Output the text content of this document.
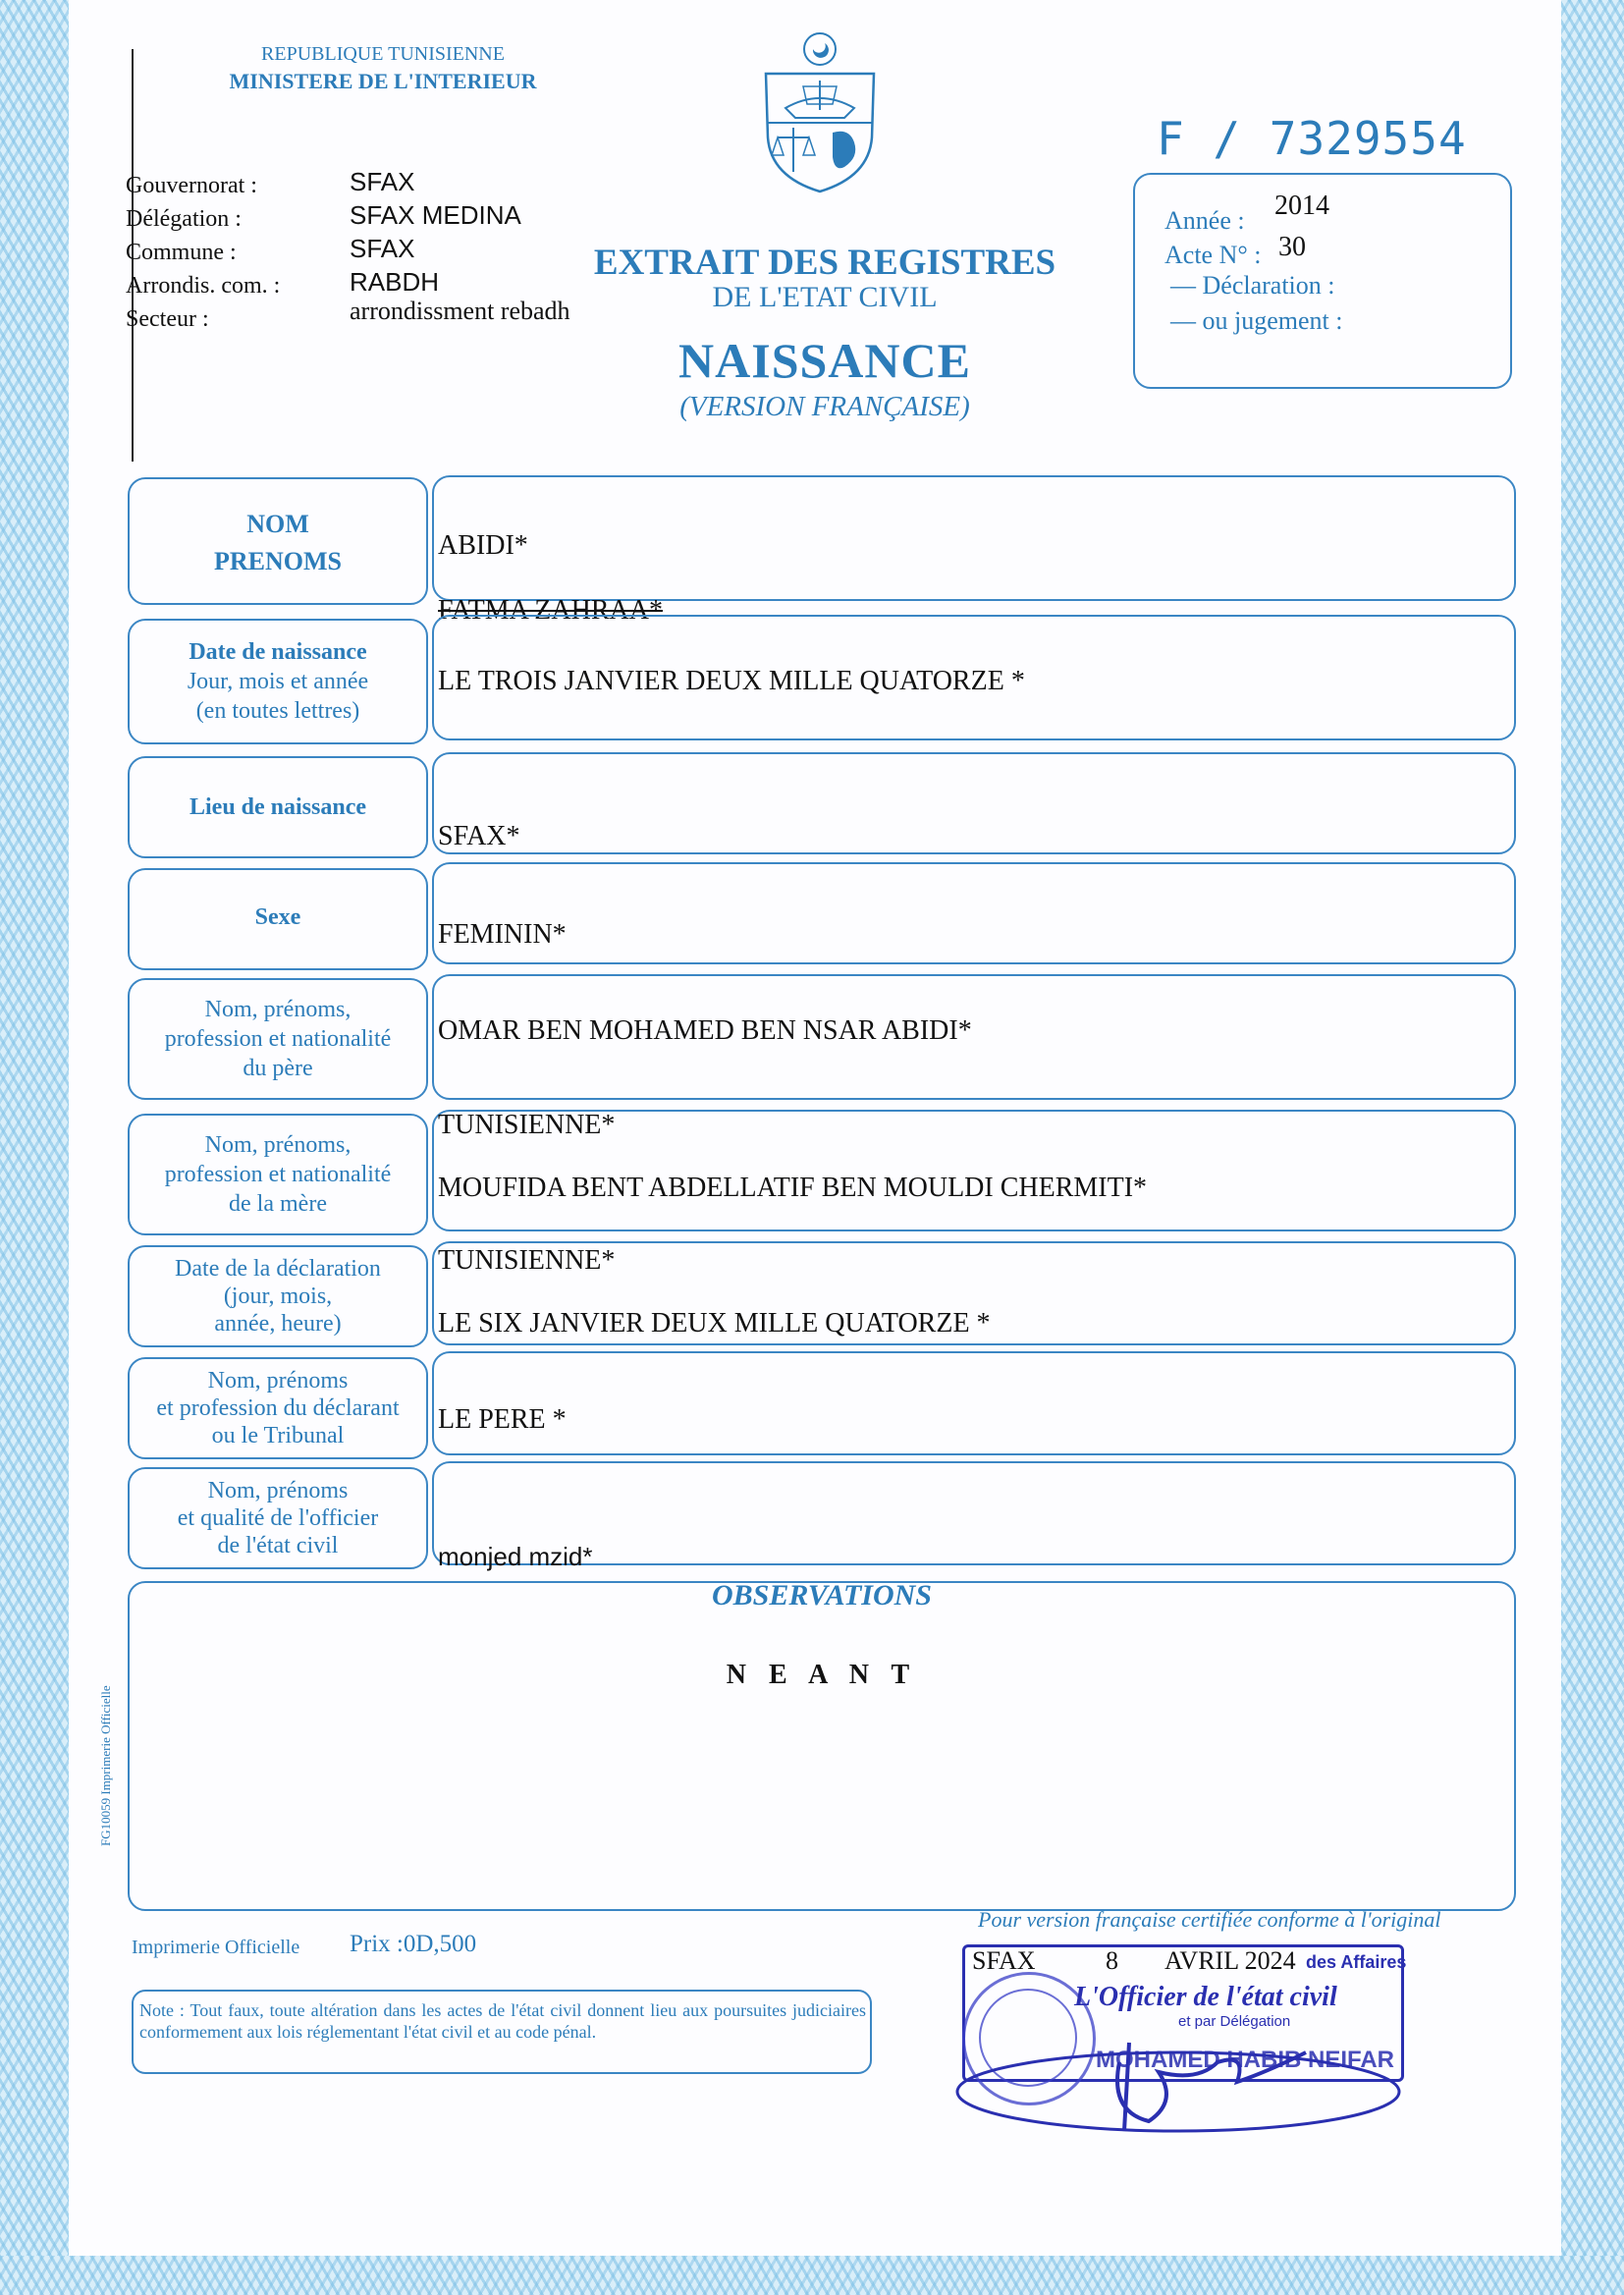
REPUBLIQUE TUNISIENNE
MINISTERE DE L'INTERIEUR
F / 7329554
Gouvernorat :
Délégation :
Commune :
Arrondis. com. :
Secteur :
SFAX
SFAX MEDINA
SFAX
RABDH
arrondissment rebadh
EXTRAIT DES REGISTRES
DE L'ETAT CIVIL
NAISSANCE
(VERSION FRANÇAISE)
Année : 2014
Acte N° : 30
— Déclaration :
— ou jugement :
NOM
PRENOMS
ABIDI*
FATMA ZAHRAA*
Date de naissance
Jour, mois et année
(en toutes lettres)
LE TROIS JANVIER DEUX MILLE QUATORZE *
Lieu de naissance
SFAX*
Sexe
FEMININ*
Nom, prénoms,
profession et nationalité
du père
OMAR BEN MOHAMED BEN NSAR ABIDI*
Nom, prénoms,
profession et nationalité
de la mère
TUNISIENNE*
MOUFIDA BENT ABDELLATIF BEN MOULDI CHERMITI*
Date de la déclaration
(jour, mois,
année, heure)
TUNISIENNE*
LE SIX JANVIER DEUX MILLE QUATORZE *
Nom, prénoms
et profession du déclarant
ou le Tribunal
LE PERE *
Nom, prénoms
et qualité de l'officier
de l'état civil	monjed mzid*
OBSERVATIONS
N E A N T
FG10059 Imprimerie Officielle
Imprimerie Officielle Prix :0D,500
Note : Tout faux, toute altération dans les actes de l'état civil donnent lieu aux poursuites judiciaires conformement aux lois réglementant l'état civil et au code pénal.
Pour version française certifiée conforme à l'original
SFAX	8 AVRIL 2024 des Affaires
L'Officier de l'état civil
et par Délégation
MOHAMED HABIB NEIFAR
